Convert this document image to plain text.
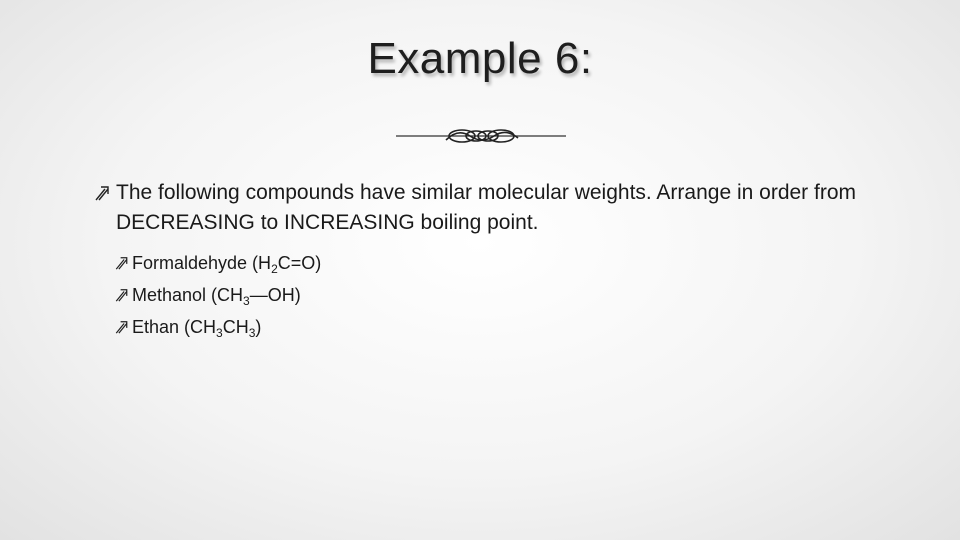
Example 6:
The following compounds have similar molecular weights. Arrange in order from DECREASING to INCREASING boiling point.
Formaldehyde $(H_2C=O)$
Methanol $(CH_3—OH)$
Ethan $(CH_3CH_3)$
